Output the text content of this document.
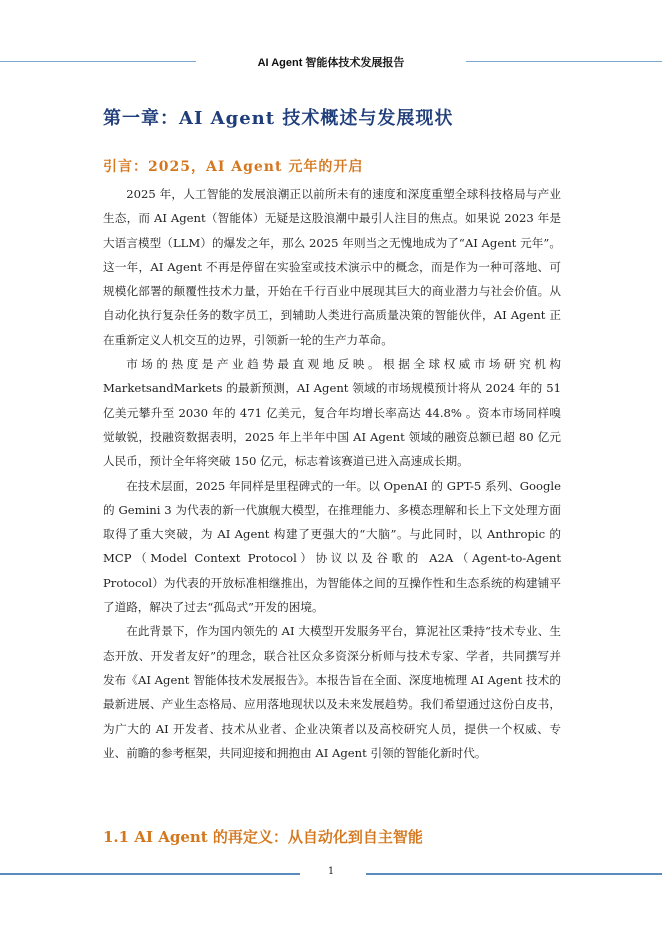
AI Agent 智能体技术发展报告
第一章：AI Agent 技术概述与发展现状
引言：2025，AI Agent 元年的开启

2025 年，人工智能的发展浪潮正以前所未有的速度和深度重塑全球科技格局与产业生态，而 AI Agent（智能体）无疑是这股浪潮中最引人注目的焦点。如果说 2023 年是大语言模型（LLM）的爆发之年，那么 2025 年则当之无愧地成为了“AI Agent 元年”。这一年，AI Agent 不再是停留在实验室或技术演示中的概念，而是作为一种可落地、可规模化部署的颠覆性技术力量，开始在千行百业中展现其巨大的商业潜力与社会价值。从自动化执行复杂任务的数字员工，到辅助人类进行高质量决策的智能伙伴，AI Agent 正在重新定义人机交互的边界，引领新一轮的生产力革命。

市场的热度是产业趋势最直观地反映。根据全球权威市场研究机构 MarketsandMarkets 的最新预测，AI Agent 领域的市场规模预计将从 2024 年的 51 亿美元攀升至 2030 年的 471 亿美元，复合年均增长率高达 44.8% 。资本市场同样嗅觉敏锐，投融资数据表明，2025 年上半年中国 AI Agent 领域的融资总额已超 80 亿元人民币，预计全年将突破 150 亿元，标志着该赛道已进入高速成长期。

在技术层面，2025 年同样是里程碑式的一年。以 OpenAI 的 GPT-5 系列、Google 的 Gemini 3 为代表的新一代旗舰大模型，在推理能力、多模态理解和长上下文处理方面取得了重大突破，为 AI Agent 构建了更强大的“大脑”。与此同时，以 Anthropic 的 MCP（Model Context Protocol）协议以及谷歌的 A2A（Agent-to-Agent Protocol）为代表的开放标准相继推出，为智能体之间的互操作性和生态系统的构建铺平了道路，解决了过去“孤岛式”开发的困境。

在此背景下，作为国内领先的 AI 大模型开发服务平台，算泥社区秉持“技术专业、生态开放、开发者友好”的理念，联合社区众多资深分析师与技术专家、学者，共同撰写并发布《AI Agent 智能体技术发展报告》。本报告旨在全面、深度地梳理 AI Agent 技术的最新进展、产业生态格局、应用落地现状以及未来发展趋势。我们希望通过这份白皮书，为广大的 AI 开发者、技术从业者、企业决策者以及高校研究人员，提供一个权威、专业、前瞻的参考框架，共同迎接和拥抱由 AI Agent 引领的智能化新时代。

1.1 AI Agent 的再定义：从自动化到自主智能
1
